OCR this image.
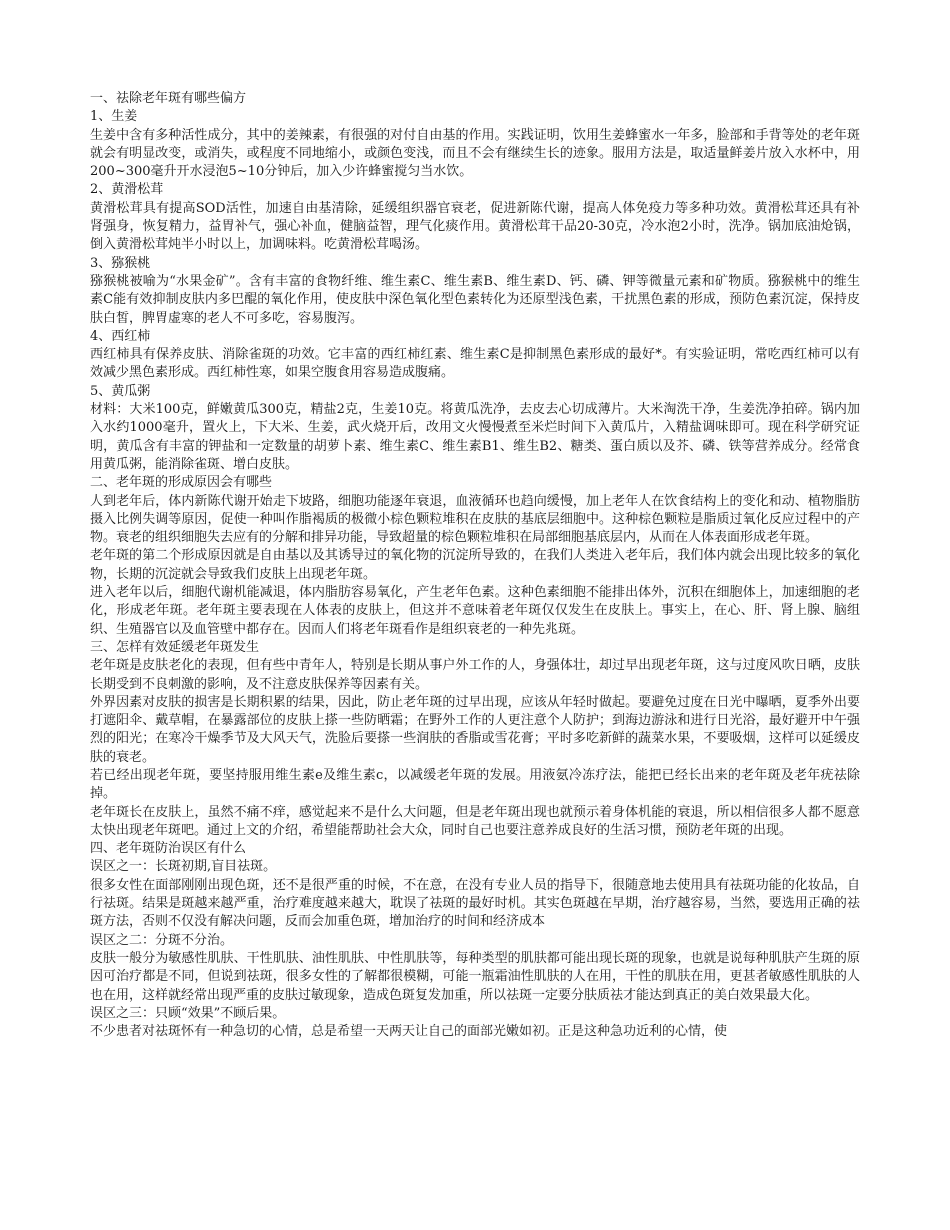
一、祛除老年斑有哪些偏方

1、生姜

生姜中含有多种活性成分，其中的姜辣素，有很强的对付自由基的作用。实践证明，饮用生姜蜂蜜水一年多，脸部和手背等处的老年斑就会有明显改变，或消失，或程度不同地缩小，或颜色变浅，而且不会有继续生长的迹象。服用方法是，取适量鲜姜片放入水杯中，用200~300毫升开水浸泡5~10分钟后，加入少许蜂蜜搅匀当水饮。

2、黄滑松茸

黄滑松茸具有提高SOD活性，加速自由基清除，延缓组织器官衰老，促进新陈代谢，提高人体免疫力等多种功效。黄滑松茸还具有补肾强身，恢复精力，益胃补气，强心补血，健脑益智，理气化痰作用。黄滑松茸干品20-30克，冷水泡2小时，洗净。锅加底油炝锅，倒入黄滑松茸炖半小时以上，加调味料。吃黄滑松茸喝汤。

3、猕猴桃

猕猴桃被喻为“水果金矿”。含有丰富的食物纤维、维生素C、维生素B、维生素D、钙、磷、钾等微量元素和矿物质。猕猴桃中的维生素C能有效抑制皮肤内多巴醌的氧化作用，使皮肤中深色氧化型色素转化为还原型浅色素，干扰黑色素的形成，预防色素沉淀，保持皮肤白皙，脾胃虚寒的老人不可多吃，容易腹泻。

4、西红柿

西红柿具有保养皮肤、消除雀斑的功效。它丰富的西红柿红素、维生素C是抑制黑色素形成的最好*。有实验证明，常吃西红柿可以有效减少黑色素形成。西红柿性寒，如果空腹食用容易造成腹痛。

5、黄瓜粥

材料：大米100克，鲜嫩黄瓜300克，精盐2克，生姜10克。将黄瓜洗净，去皮去心切成薄片。大米淘洗干净，生姜洗净拍碎。锅内加入水约1000毫升，置火上，下大米、生姜，武火烧开后，改用文火慢慢煮至米烂时间下入黄瓜片，入精盐调味即可。现在科学研究证明，黄瓜含有丰富的钾盐和一定数量的胡萝卜素、维生素C、维生素B1、维生B2、糖类、蛋白质以及芥、磷、铁等营养成分。经常食用黄瓜粥，能消除雀斑、增白皮肤。

二、老年斑的形成原因会有哪些

人到老年后，体内新陈代谢开始走下坡路，细胞功能逐年衰退，血液循环也趋向缓慢，加上老年人在饮食结构上的变化和动、植物脂肪摄入比例失调等原因，促使一种叫作脂褐质的极微小棕色颗粒堆积在皮肤的基底层细胞中。这种棕色颗粒是脂质过氧化反应过程中的产物。衰老的组织细胞失去应有的分解和排异功能，导致超量的棕色颗粒堆积在局部细胞基底层内，从而在人体表面形成老年斑。

老年斑的第二个形成原因就是自由基以及其诱导过的氧化物的沉淀所导致的，在我们人类进入老年后，我们体内就会出现比较多的氧化物，长期的沉淀就会导致我们皮肤上出现老年斑。

进入老年以后，细胞代谢机能减退，体内脂肪容易氧化，产生老年色素。这种色素细胞不能排出体外，沉积在细胞体上，加速细胞的老化，形成老年斑。老年斑主要表现在人体表的皮肤上，但这并不意味着老年斑仅仅发生在皮肤上。事实上，在心、肝、肾上腺、脑组织、生殖器官以及血管壁中都存在。因而人们将老年斑看作是组织衰老的一种先兆斑。

三、怎样有效延缓老年斑发生

老年斑是皮肤老化的表现，但有些中青年人，特别是长期从事户外工作的人，身强体壮，却过早出现老年斑，这与过度风吹日晒，皮肤长期受到不良刺激的影响，及不注意皮肤保养等因素有关。

外界因素对皮肤的损害是长期积累的结果，因此，防止老年斑的过早出现，应该从年轻时做起。要避免过度在日光中曝晒，夏季外出要打遮阳伞、戴草帽，在暴露部位的皮肤上搽一些防晒霜；在野外工作的人更注意个人防护；到海边游泳和进行日光浴，最好避开中午强烈的阳光；在寒冷干燥季节及大风天气，洗脸后要搽一些润肤的香脂或雪花膏；平时多吃新鲜的蔬菜水果，不要吸烟，这样可以延缓皮肤的衰老。

若已经出现老年斑，要坚持服用维生素e及维生素c，以减缓老年斑的发展。用液氨冷冻疗法，能把已经长出来的老年斑及老年疣祛除掉。

老年斑长在皮肤上，虽然不痛不痒，感觉起来不是什么大问题，但是老年斑出现也就预示着身体机能的衰退，所以相信很多人都不愿意太快出现老年斑吧。通过上文的介绍，希望能帮助社会大众，同时自己也要注意养成良好的生活习惯，预防老年斑的出现。

四、老年斑防治误区有什么

误区之一：长斑初期,盲目祛斑。

很多女性在面部刚刚出现色斑，还不是很严重的时候，不在意，在没有专业人员的指导下，很随意地去使用具有祛斑功能的化妆品，自行祛斑。结果是斑越来越严重，治疗难度越来越大，耽误了祛斑的最好时机。其实色斑越在早期，治疗越容易，当然，要选用正确的祛斑方法，否则不仅没有解决问题，反而会加重色斑，增加治疗的时间和经济成本

误区之二：分斑不分治。

皮肤一般分为敏感性肌肤、干性肌肤、油性肌肤、中性肌肤等，每种类型的肌肤都可能出现长斑的现象，也就是说每种肌肤产生斑的原因可治疗都是不同，但说到祛斑，很多女性的了解都很模糊，可能一瓶霜油性肌肤的人在用，干性的肌肤在用，更甚者敏感性肌肤的人也在用，这样就经常出现严重的皮肤过敏现象，造成色斑复发加重，所以祛斑一定要分肤质祛才能达到真正的美白效果最大化。

误区之三：只顾“效果”不顾后果。

不少患者对祛斑怀有一种急切的心情，总是希望一天两天让自己的面部光嫩如初。正是这种急功近利的心情，使
